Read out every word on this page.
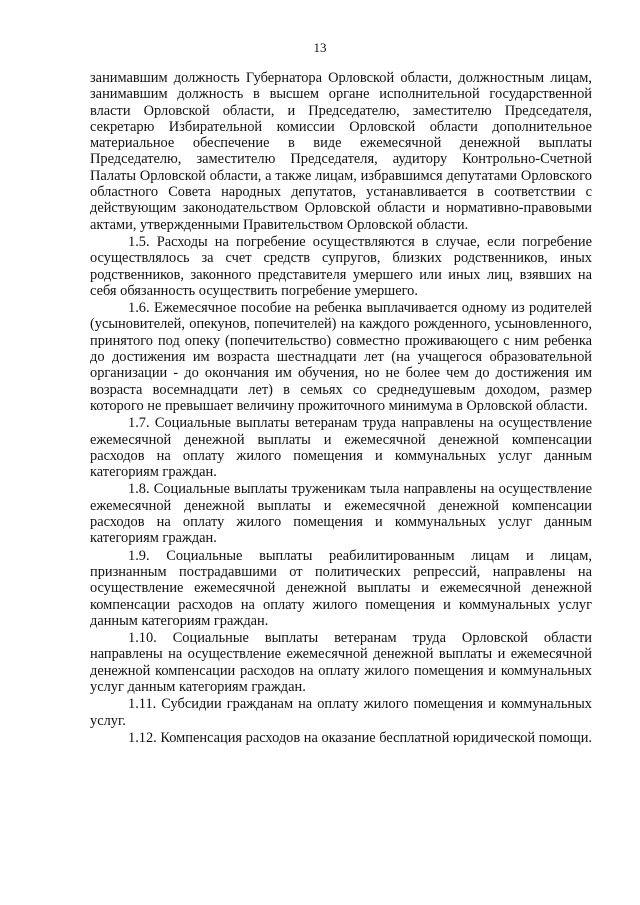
13

занимавшим должность Губернатора Орловской области, должностным лицам, занимавшим должность в высшем органе исполнительной государственной власти Орловской области, и Председателю, заместителю Председателя, секретарю Избирательной комиссии Орловской области дополнительное материальное обеспечение в виде ежемесячной денежной выплаты Председателю, заместителю Председателя, аудитору Контрольно-Счетной Палаты Орловской области, а также лицам, избравшимся депутатами Орловского областного Совета народных депутатов, устанавливается в соответствии с действующим законодательством Орловской области и нормативно-правовыми актами, утвержденными Правительством Орловской области.

1.5. Расходы на погребение осуществляются в случае, если погребение осуществлялось за счет средств супругов, близких родственников, иных родственников, законного представителя умершего или иных лиц, взявших на себя обязанность осуществить погребение умершего.

1.6. Ежемесячное пособие на ребенка выплачивается одному из родителей (усыновителей, опекунов, попечителей) на каждого рожденного, усыновленного, принятого под опеку (попечительство) совместно проживающего с ним ребенка до достижения им возраста шестнадцати лет (на учащегося образовательной организации - до окончания им обучения, но не более чем до достижения им возраста восемнадцати лет) в семьях со среднедушевым доходом, размер которого не превышает величину прожиточного минимума в Орловской области.

1.7. Социальные выплаты ветеранам труда направлены на осуществление ежемесячной денежной выплаты и ежемесячной денежной компенсации расходов на оплату жилого помещения и коммунальных услуг данным категориям граждан.

1.8. Социальные выплаты труженикам тыла направлены на осуществление ежемесячной денежной выплаты и ежемесячной денежной компенсации расходов на оплату жилого помещения и коммунальных услуг данным категориям граждан.

1.9. Социальные выплаты реабилитированным лицам и лицам, признанным пострадавшими от политических репрессий, направлены на осуществление ежемесячной денежной выплаты и ежемесячной денежной компенсации расходов на оплату жилого помещения и коммунальных услуг данным категориям граждан.

1.10. Социальные выплаты ветеранам труда Орловской области направлены на осуществление ежемесячной денежной выплаты и ежемесячной денежной компенсации расходов на оплату жилого помещения и коммунальных услуг данным категориям граждан.

1.11. Субсидии гражданам на оплату жилого помещения и коммунальных услуг.

1.12. Компенсация расходов на оказание бесплатной юридической помощи.
